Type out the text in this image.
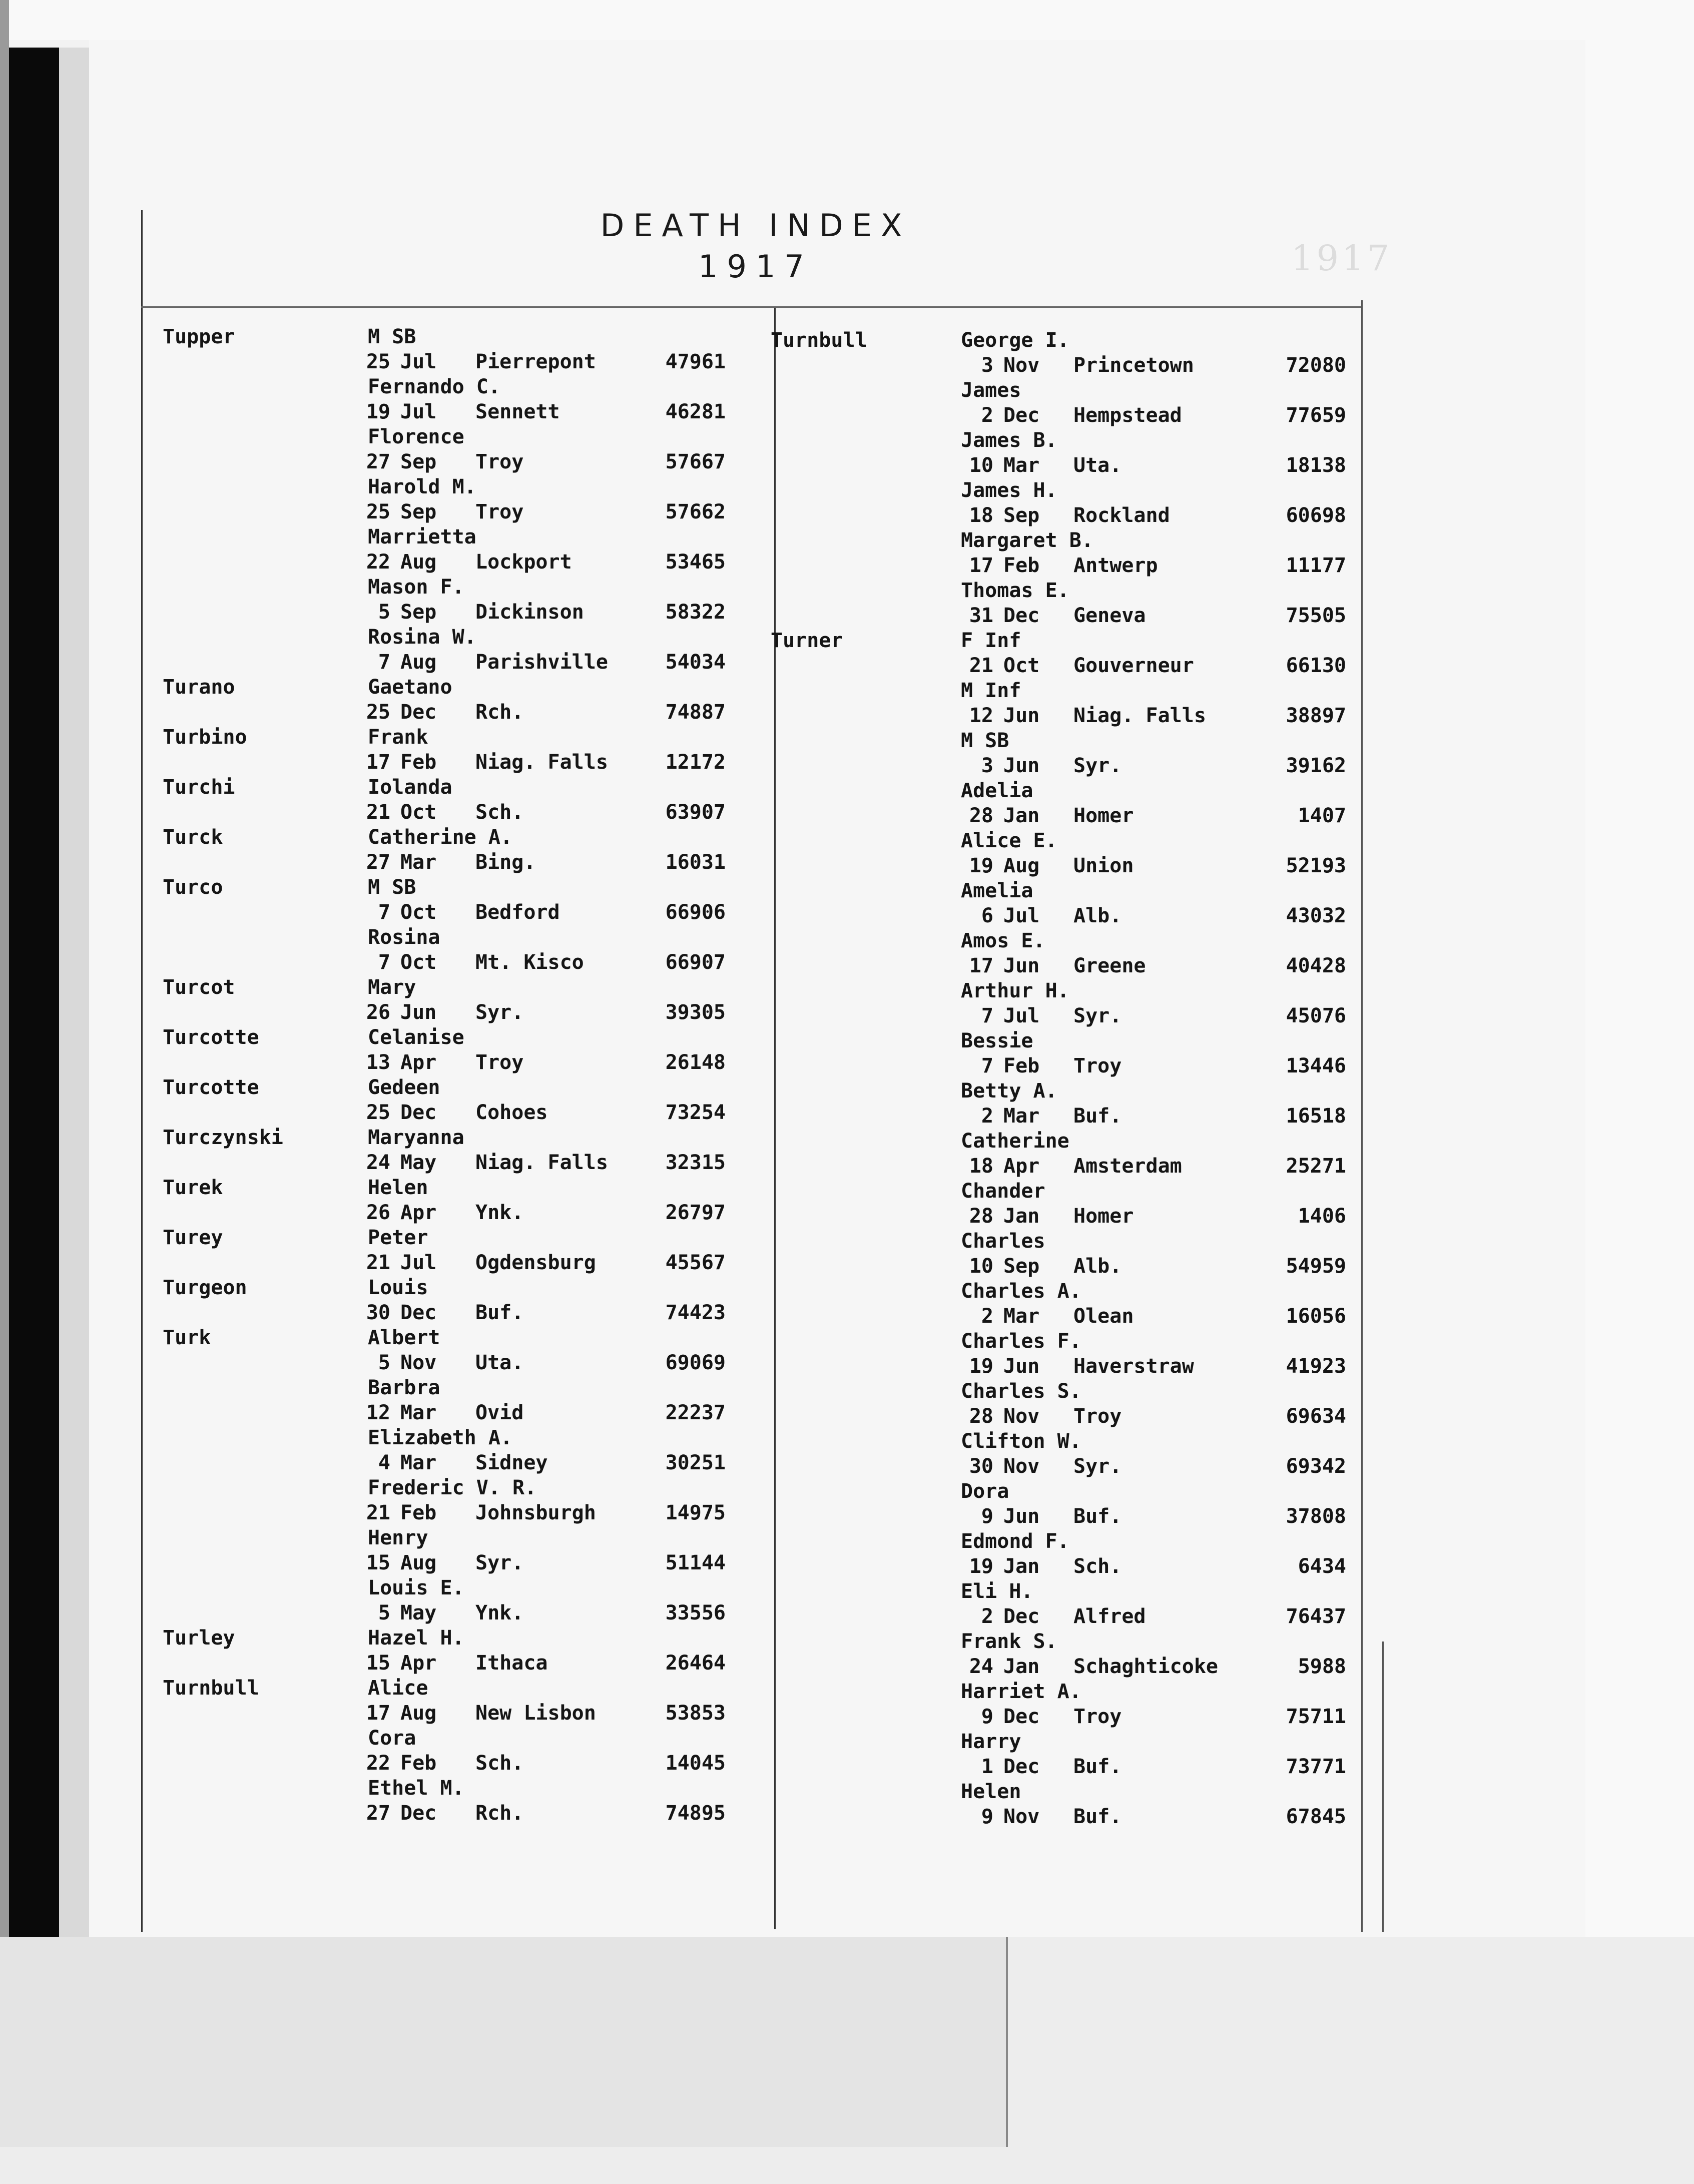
1917
DEATH INDEX
1917
Tupper	M SB
25 Jul Pierrepont	47961
Fernando C.
19 Jul Sennett	46281
Florence
27 Sep Troy	57667
Harold M.
25 Sep Troy	57662
Marrietta
22 Aug Lockport	53465
Mason F.
5 Sep Dickinson	58322
Rosina W.
7 Aug Parishville	54034
Turano	Gaetano
25 Dec Rch.	74887
Turbino	Frank
17 Feb Niag. Falls	12172
Turchi	Iolanda
21 Oct Sch.	63907
Turck	Catherine A.
27 Mar Bing.	16031
Turco	M SB
7 Oct Bedford	66906
Rosina
7 Oct Mt. Kisco	66907
Turcot	Mary
26 Jun Syr.	39305
Turcotte	Celanise
13 Apr Troy	26148
Turcotte	Gedeen
25 Dec Cohoes	73254
Turczynski	Maryanna
24 May Niag. Falls	32315
Turek	Helen
26 Apr Ynk.	26797
Turey	Peter
21 Jul Ogdensburg	45567
Turgeon	Louis
30 Dec Buf.	74423
Turk	Albert
5 Nov Uta.	69069
Barbra
12 Mar Ovid	22237
Elizabeth A.
4 Mar Sidney	30251
Frederic V. R.
21 Feb Johnsburgh	14975
Henry
15 Aug Syr.	51144
Louis E.
5 May Ynk.	33556
Turley	Hazel H.
15 Apr Ithaca	26464
Turnbull	Alice
17 Aug New Lisbon	53853
Cora
22 Feb Sch.	14045
Ethel M.
27 Dec Rch.	74895
Turnbull	George I.
3 Nov Princetown	72080
James
2 Dec Hempstead	77659
James B.
10 Mar Uta.	18138
James H.
18 Sep Rockland	60698
Margaret B.
17 Feb Antwerp	11177
Thomas E.
31 Dec Geneva	75505
Turner	F Inf
21 Oct Gouverneur	66130
M Inf
12 Jun Niag. Falls	38897
M SB
3 Jun Syr.	39162
Adelia
28 Jan Homer	1407
Alice E.
19 Aug Union	52193
Amelia
6 Jul Alb.	43032
Amos E.
17 Jun Greene	40428
Arthur H.
7 Jul Syr.	45076
Bessie
7 Feb Troy	13446
Betty A.
2 Mar Buf.	16518
Catherine
18 Apr Amsterdam	25271
Chander
28 Jan Homer	1406
Charles
10 Sep Alb.	54959
Charles A.
2 Mar Olean	16056
Charles F.
19 Jun Haverstraw	41923
Charles S.
28 Nov Troy	69634
Clifton W.
30 Nov Syr.	69342
Dora
9 Jun Buf.	37808
Edmond F.
19 Jan Sch.	6434
Eli H.
2 Dec Alfred	76437
Frank S.
24 Jan Schaghticoke	5988
Harriet A.
9 Dec Troy	75711
Harry
1 Dec Buf.	73771
Helen
9 Nov Buf.	67845
